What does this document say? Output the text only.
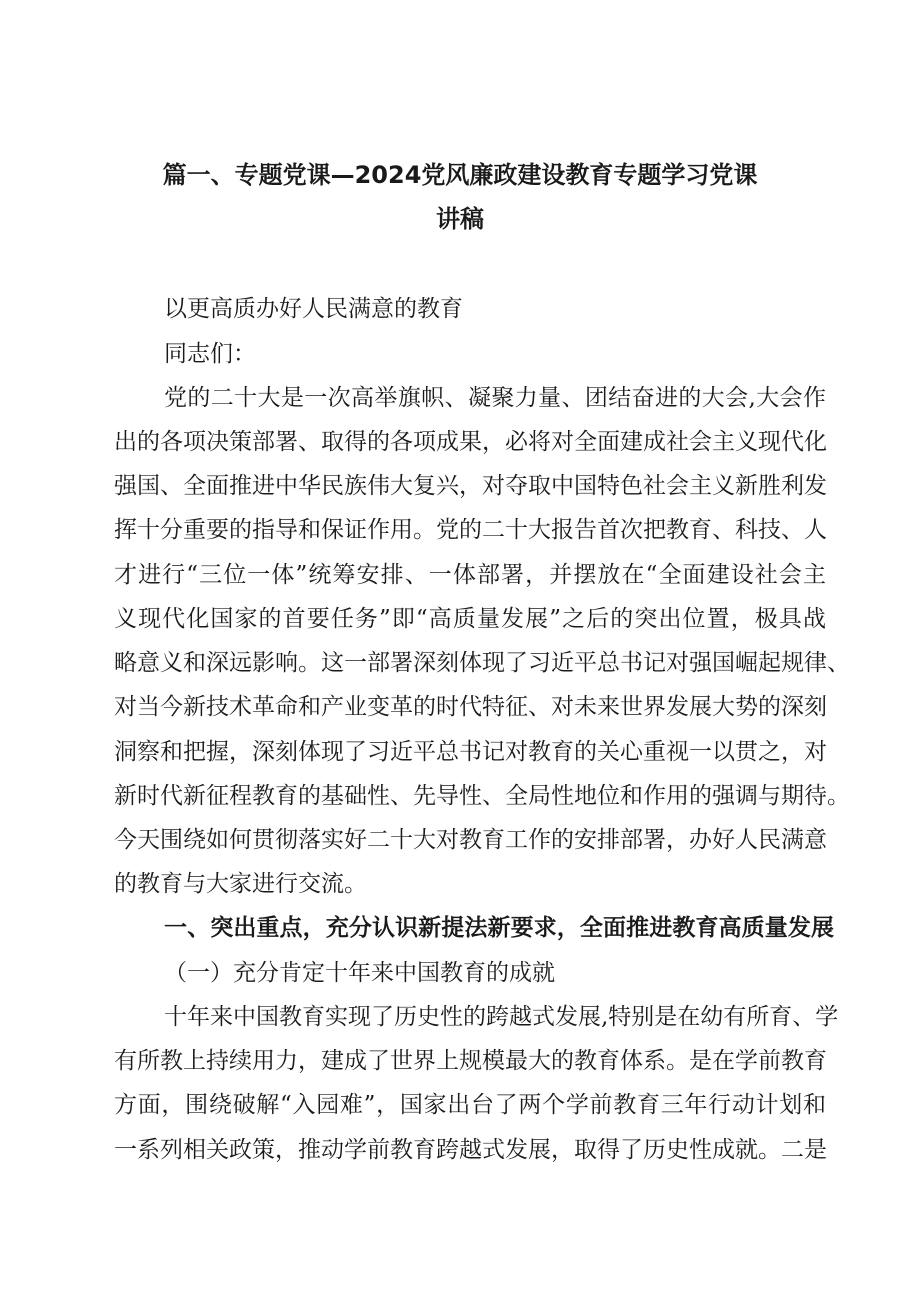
篇一、专题党课—2024党风廉政建设教育专题学习党课
讲稿
以更高质办好人民满意的教育
同志们：
党的二十大是一次高举旗帜、凝聚力量、团结奋进的大会,大会作
出的各项决策部署、取得的各项成果，必将对全面建成社会主义现代化
强国、全面推进中华民族伟大复兴，对夺取中国特色社会主义新胜利发
挥十分重要的指导和保证作用。党的二十大报告首次把教育、科技、人
才进行“三位一体”统筹安排、一体部署，并摆放在“全面建设社会主
义现代化国家的首要任务”即“高质量发展”之后的突出位置，极具战
略意义和深远影响。这一部署深刻体现了习近平总书记对强国崛起规律、
对当今新技术革命和产业变革的时代特征、对未来世界发展大势的深刻
洞察和把握，深刻体现了习近平总书记对教育的关心重视一以贯之，对
新时代新征程教育的基础性、先导性、全局性地位和作用的强调与期待。
今天围绕如何贯彻落实好二十大对教育工作的安排部署，办好人民满意
的教育与大家进行交流。
一、突出重点，充分认识新提法新要求，全面推进教育高质量发展
（一）充分肯定十年来中国教育的成就
十年来中国教育实现了历史性的跨越式发展,特别是在幼有所育、学
有所教上持续用力，建成了世界上规模最大的教育体系。是在学前教育
方面，围绕破解“入园难”，国家出台了两个学前教育三年行动计划和
一系列相关政策，推动学前教育跨越式发展，取得了历史性成就。二是
